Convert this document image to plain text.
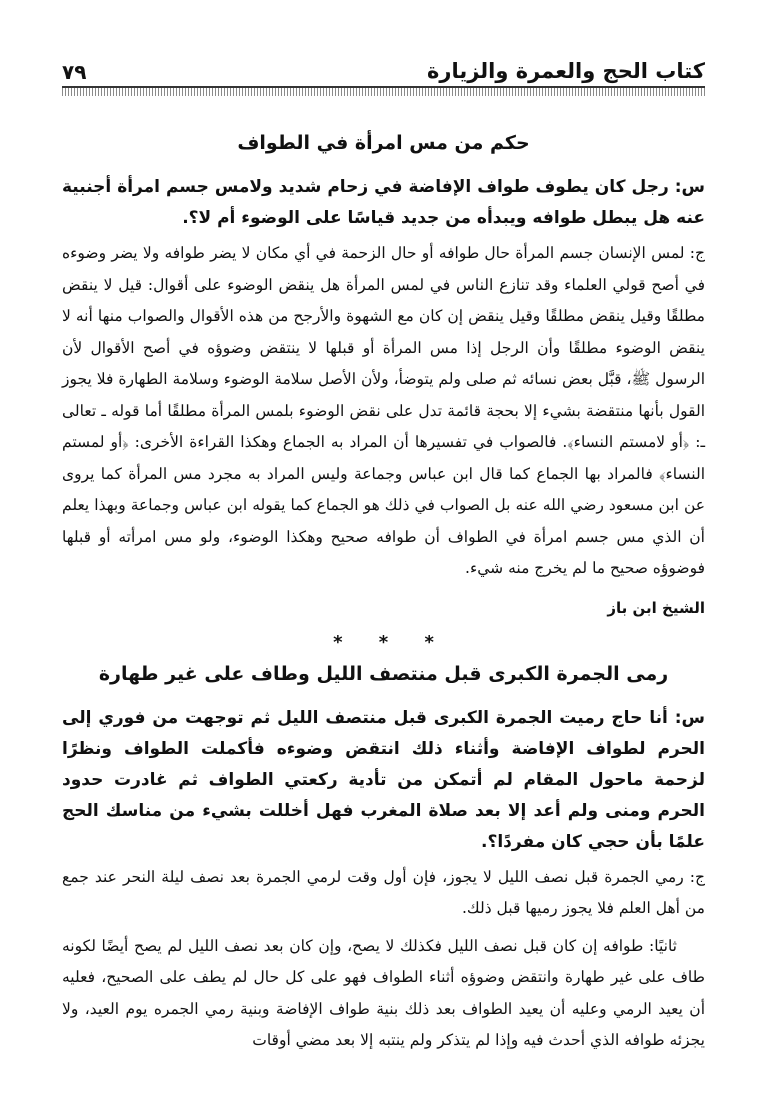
كتاب الحج والعمرة والزيارة
٧٩
حكم من مس امرأة في الطواف

س: رجل كان يطوف طواف الإفاضة في زحام شديد ولامس جسم امرأة أجنبية عنه هل يبطل طوافه ويبدأه من جديد قياسًا على الوضوء أم لا؟.

ج: لمس الإنسان جسم المرأة حال طوافه أو حال الزحمة في أي مكان لا يضر طوافه ولا يضر وضوءه في أصح قولي العلماء وقد تنازع الناس في لمس المرأة هل ينقض الوضوء على أقوال: قيل لا ينقض مطلقًا وقيل ينقض مطلقًا وقيل ينقض إن كان مع الشهوة والأرجح من هذه الأقوال والصواب منها أنه لا ينقض الوضوء مطلقًا وأن الرجل إذا مس المرأة أو قبلها لا ينتقض وضوؤه في أصح الأقوال لأن الرسول ﷺ، قبَّل بعض نسائه ثم صلى ولم يتوضأ، ولأن الأصل سلامة الوضوء وسلامة الطهارة فلا يجوز القول بأنها منتقضة بشيء إلا بحجة قائمة تدل على نقض الوضوء بلمس المرأة مطلقًا أما قوله ـ تعالى ـ: ﴿أو لامستم النساء﴾. فالصواب في تفسيرها أن المراد به الجماع وهكذا القراءة الأخرى: ﴿أو لمستم النساء﴾ فالمراد بها الجماع كما قال ابن عباس وجماعة وليس المراد به مجرد مس المرأة كما يروى عن ابن مسعود رضي الله عنه بل الصواب في ذلك هو الجماع كما يقوله ابن عباس وجماعة وبهذا يعلم أن الذي مس جسم امرأة في الطواف أن طوافه صحيح وهكذا الوضوء، ولو مس امرأته أو قبلها فوضوؤه صحيح ما لم يخرج منه شيء.

الشيخ ابن باز

* * *
رمى الجمرة الكبرى قبل منتصف الليل وطاف على غير طهارة

س: أنا حاج رميت الجمرة الكبرى قبل منتصف الليل ثم توجهت من فوري إلى الحرم لطواف الإفاضة وأثناء ذلك انتقض وضوءه فأكملت الطواف ونظرًا لزحمة ماحول المقام لم أتمكن من تأدية ركعتي الطواف ثم غادرت حدود الحرم ومنى ولم أعد إلا بعد صلاة المغرب فهل أخللت بشيء من مناسك الحج علمًا بأن حجي كان مفردًا؟.

ج: رمي الجمرة قبل نصف الليل لا يجوز، فإن أول وقت لرمي الجمرة بعد نصف ليلة النحر عند جمع من أهل العلم فلا يجوز رميها قبل ذلك.

ثانيًا: طوافه إن كان قبل نصف الليل فكذلك لا يصح، وإن كان بعد نصف الليل لم يصح أيضًا لكونه طاف على غير طهارة وانتقض وضوؤه أثناء الطواف فهو على كل حال لم يطف على الصحيح، فعليه أن يعيد الرمي وعليه أن يعيد الطواف بعد ذلك بنية طواف الإفاضة وبنية رمي الجمره يوم العيد، ولا يجزئه طوافه الذي أحدث فيه وإذا لم يتذكر ولم ينتبه إلا بعد مضي أوقات
